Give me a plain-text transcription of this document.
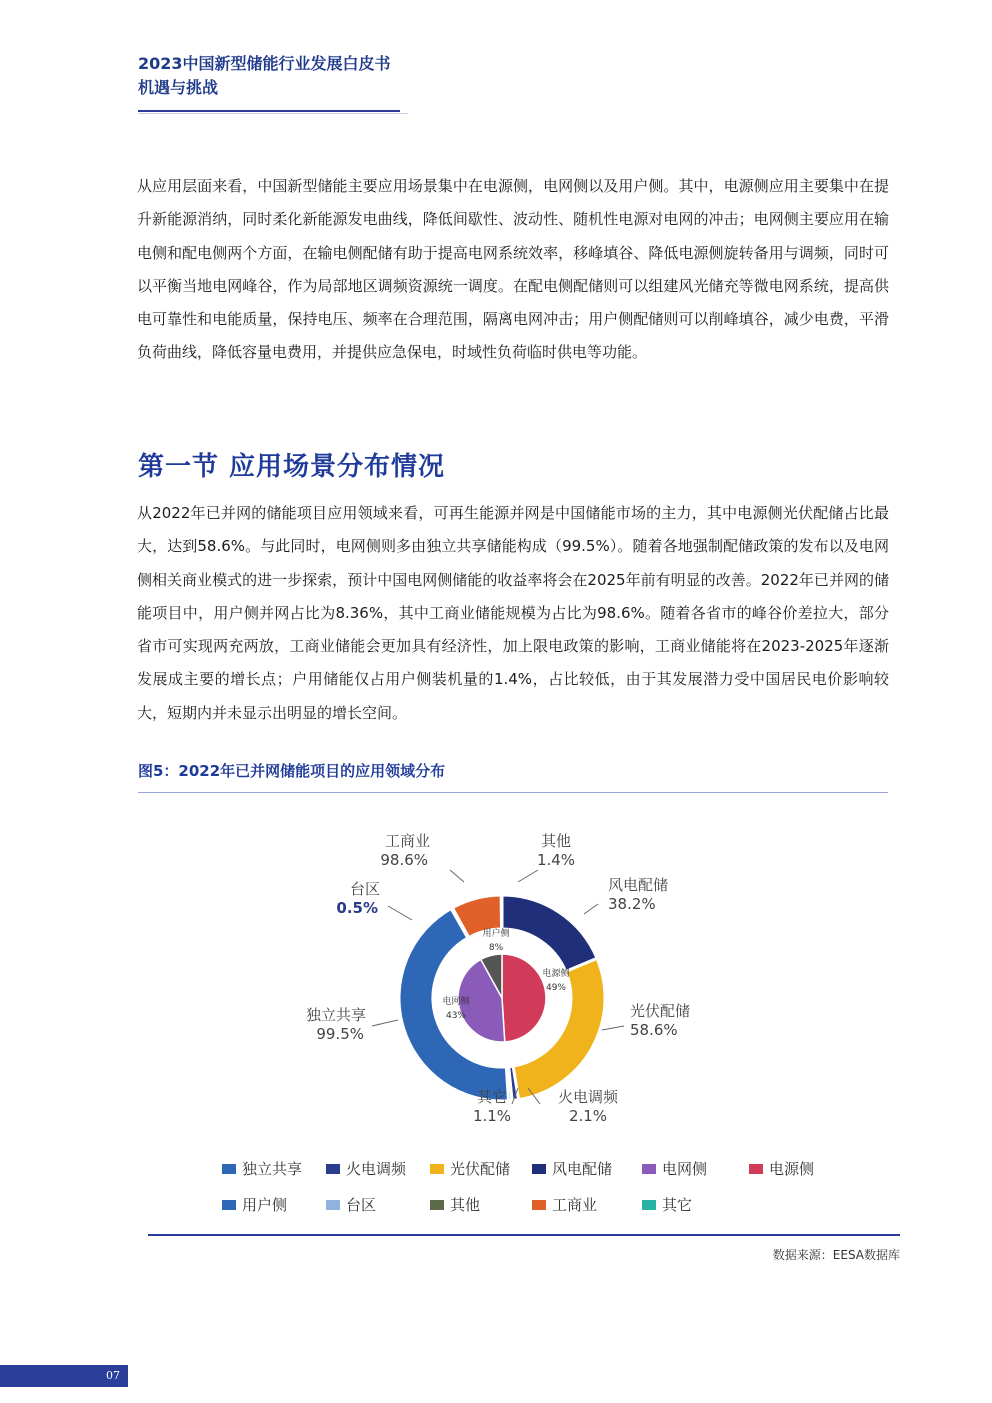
2023中国新型储能行业发展白皮书
机遇与挑战

从应用层面来看，中国新型储能主要应用场景集中在电源侧，电网侧以及用户侧。其中，电源侧应用主要集中在提升新能源消纳，同时柔化新能源发电曲线，降低间歇性、波动性、随机性电源对电网的冲击；电网侧主要应用在输电侧和配电侧两个方面，在输电侧配储有助于提高电网系统效率，移峰填谷、降低电源侧旋转备用与调频，同时可以平衡当地电网峰谷，作为局部地区调频资源统一调度。在配电侧配储则可以组建风光储充等微电网系统，提高供电可靠性和电能质量，保持电压、频率在合理范围，隔离电网冲击；用户侧配储则可以削峰填谷，减少电费，平滑负荷曲线，降低容量电费用，并提供应急保电，时域性负荷临时供电等功能。

第一节 应用场景分布情况

从2022年已并网的储能项目应用领域来看，可再生能源并网是中国储能市场的主力，其中电源侧光伏配储占比最大，达到58.6%。与此同时，电网侧则多由独立共享储能构成（99.5%）。随着各地强制配储政策的发布以及电网侧相关商业模式的进一步探索，预计中国电网侧储能的收益率将会在2025年前有明显的改善。2022年已并网的储能项目中，用户侧并网占比为8.36%，其中工商业储能规模为占比为98.6%。随着各省市的峰谷价差拉大，部分省市可实现两充两放，工商业储能会更加具有经济性，加上限电政策的影响，工商业储能将在2023-2025年逐渐发展成主要的增长点；户用储能仅占用户侧装机量的1.4%，占比较低，由于其发展潜力受中国居民电价影响较大，短期内并未显示出明显的增长空间。

图5：2022年已并网储能项目的应用领域分布
风电配储
38.2%
光伏配储
58.6%
火电调频
2.1%
其它
1.1%
独立共享
99.5%
台区
0.5%
工商业
98.6%
其他
1.4%
电源侧
49%
电网侧
43%
用户侧
8%
独立共享	火电调频	光伏配储	风电配储	电网侧	电源侧
用户侧	台区	其他	工商业	其它
数据来源：EESA数据库
07
